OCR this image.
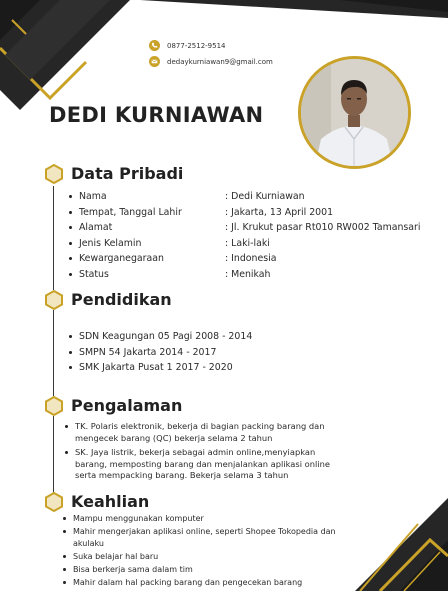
0877-2512-9514
dedaykurniawan9@gmail.com
DEDI KURNIAWAN
Data Pribadi
Nama	: Dedi Kurniawan
Tempat, Tanggal Lahir	: Jakarta, 13 April 2001
Alamat	: Jl. Krukut pasar Rt010 RW002 Tamansari
Jenis Kelamin	: Laki-laki
Kewarganegaraan	: Indonesia
Status	: Menikah
Pendidikan
SDN Keagungan 05 Pagi 2008 - 2014
SMPN 54 Jakarta 2014 - 2017
SMK Jakarta Pusat 1 2017 - 2020
Pengalaman
TK. Polaris elektronik, bekerja di bagian packing barang dan mengecek barang (QC) bekerja selama 2 tahun
SK. Jaya listrik, bekerja sebagai admin online,menyiapkan barang, memposting barang dan menjalankan aplikasi online serta mempacking barang. Bekerja selama 3 tahun
Keahlian
Mampu menggunakan komputer
Mahir mengerjakan aplikasi online, seperti Shopee Tokopedia dan akulaku
Suka belajar hal baru
Bisa berkerja sama dalam tim
Mahir dalam hal packing barang dan pengecekan barang
